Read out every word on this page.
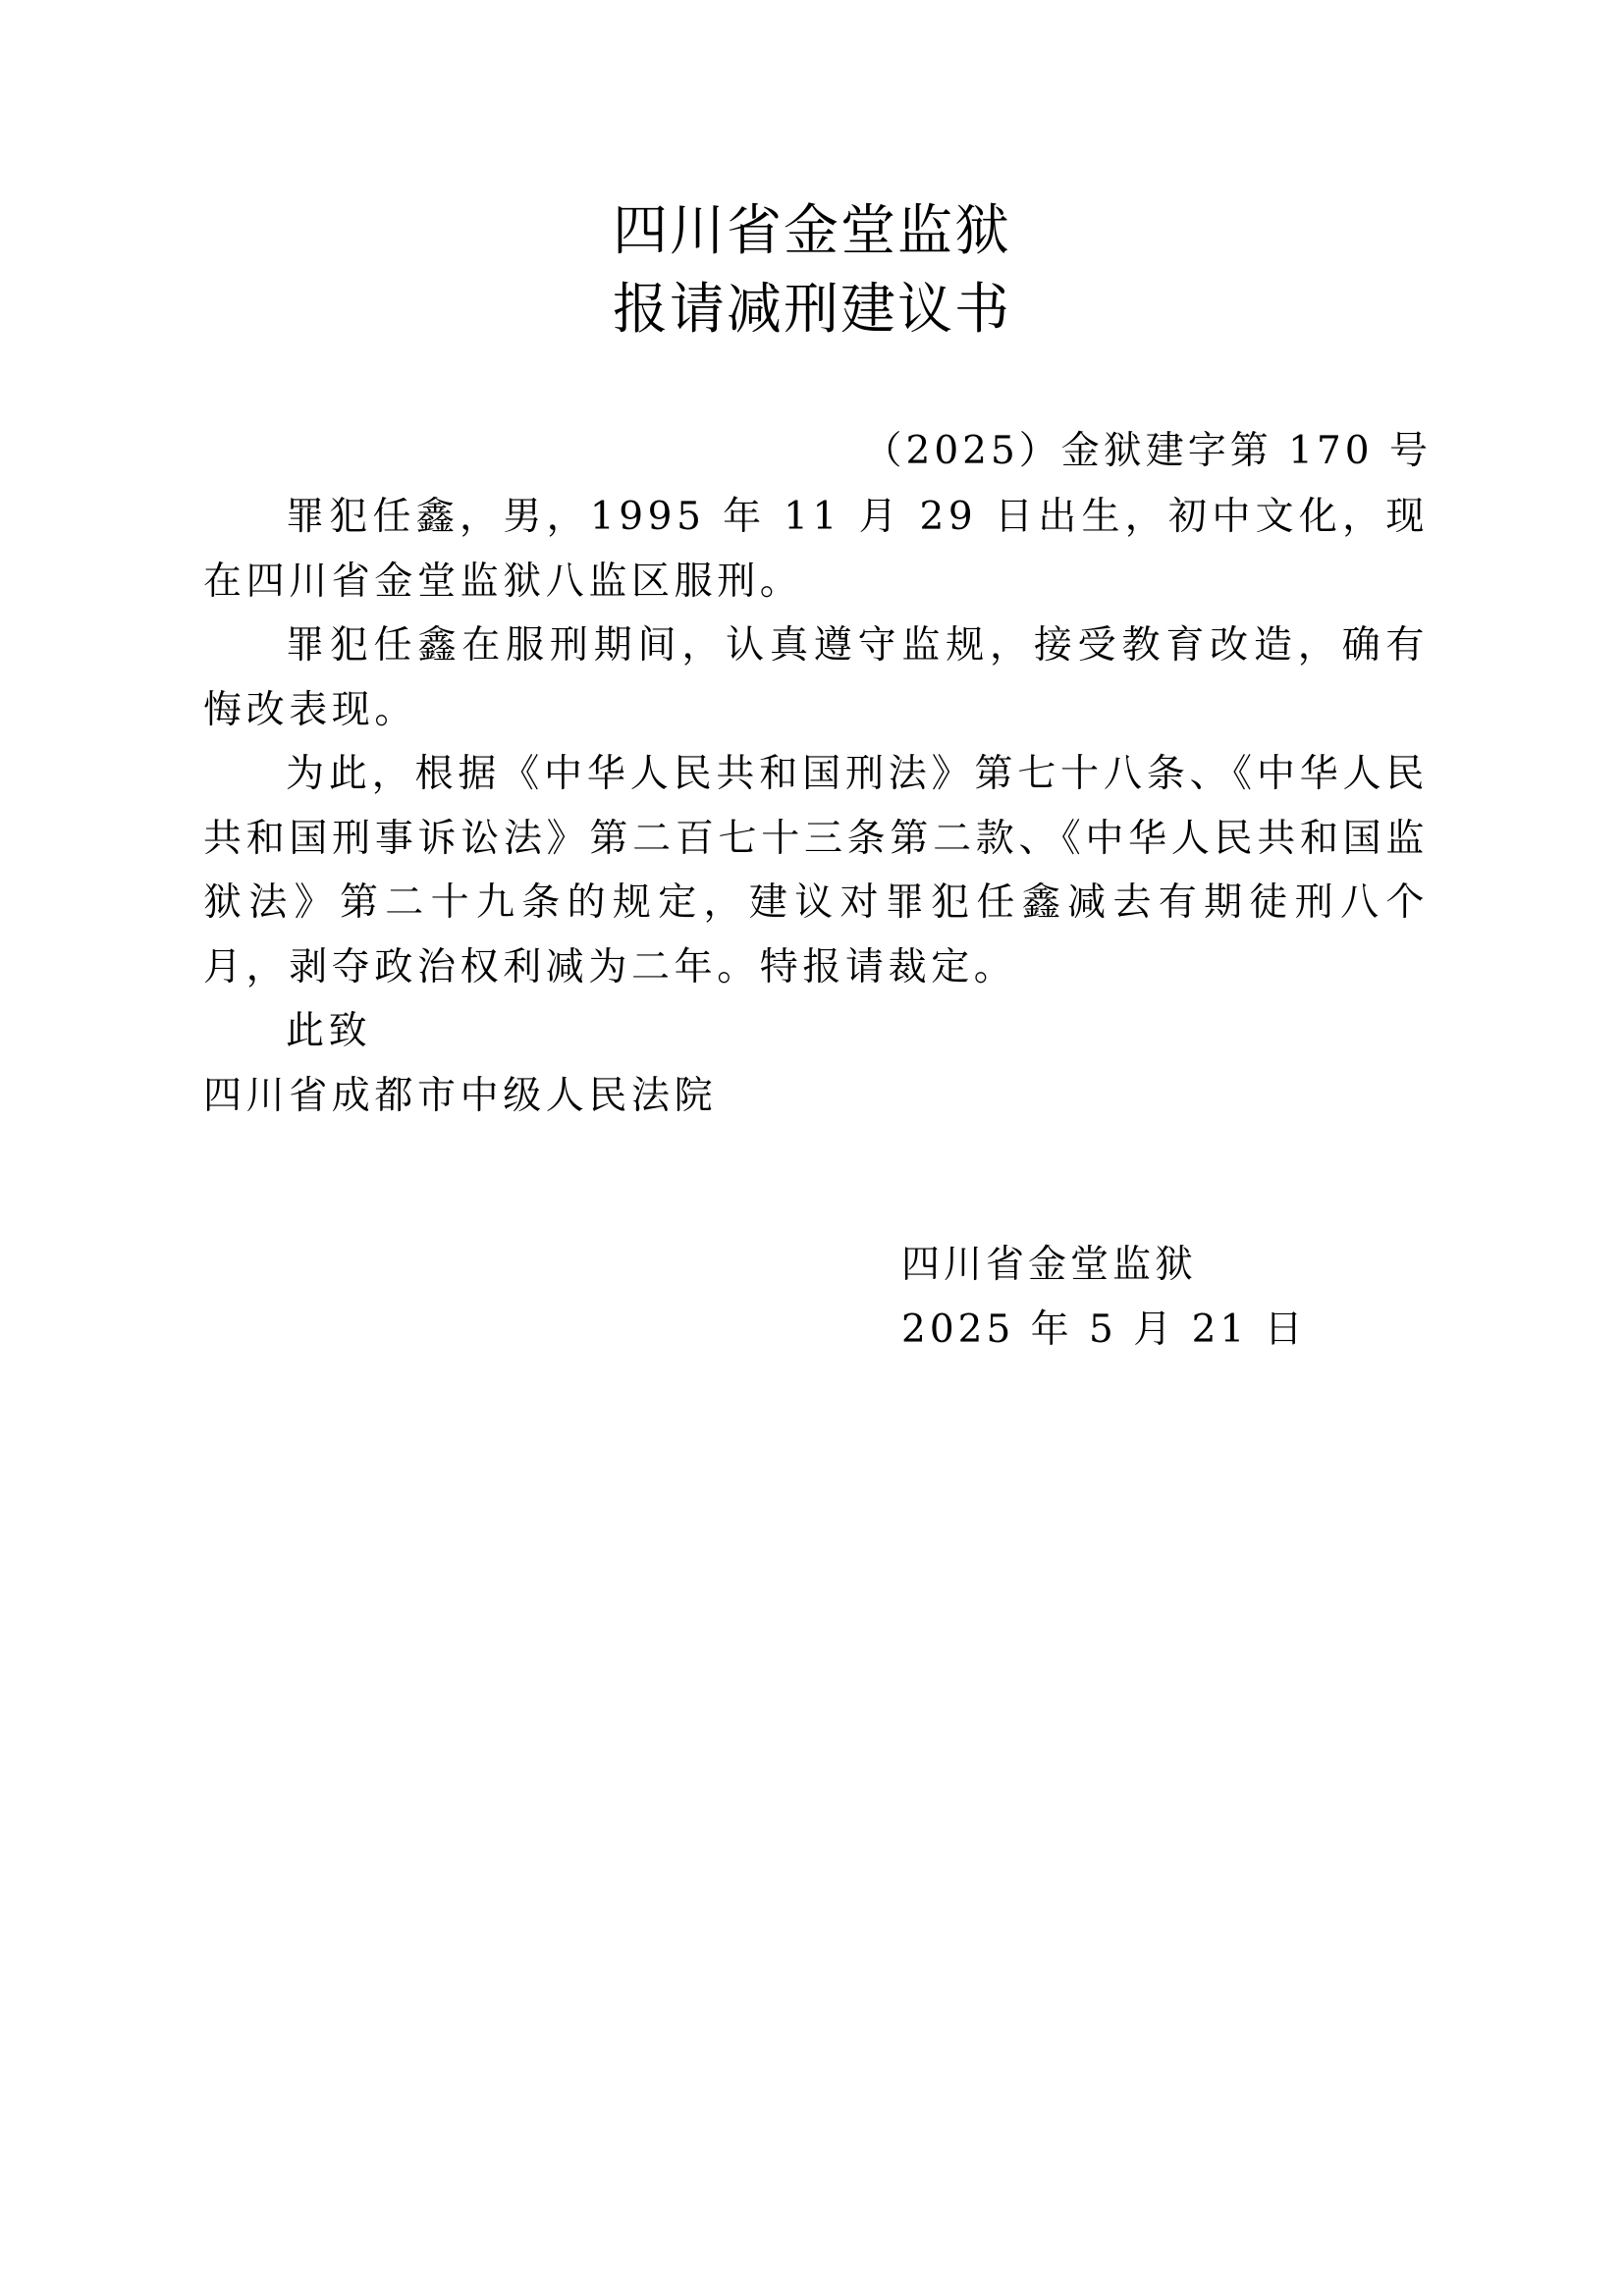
四川省金堂监狱
报请减刑建议书
（2025）金狱建字第 170 号

罪犯任鑫，男，1995 年 11 月 29 日出生，初中文化，现在四川省金堂监狱八监区服刑。

罪犯任鑫在服刑期间，认真遵守监规，接受教育改造，确有悔改表现。

为此，根据《中华人民共和国刑法》第七十八条、《中华人民共和国刑事诉讼法》第二百七十三条第二款、《中华人民共和国监狱法》第二十九条的规定，建议对罪犯任鑫减去有期徒刑八个月，剥夺政治权利减为二年。特报请裁定。

此致

四川省成都市中级人民法院

四川省金堂监狱
2025 年 5 月 21 日
